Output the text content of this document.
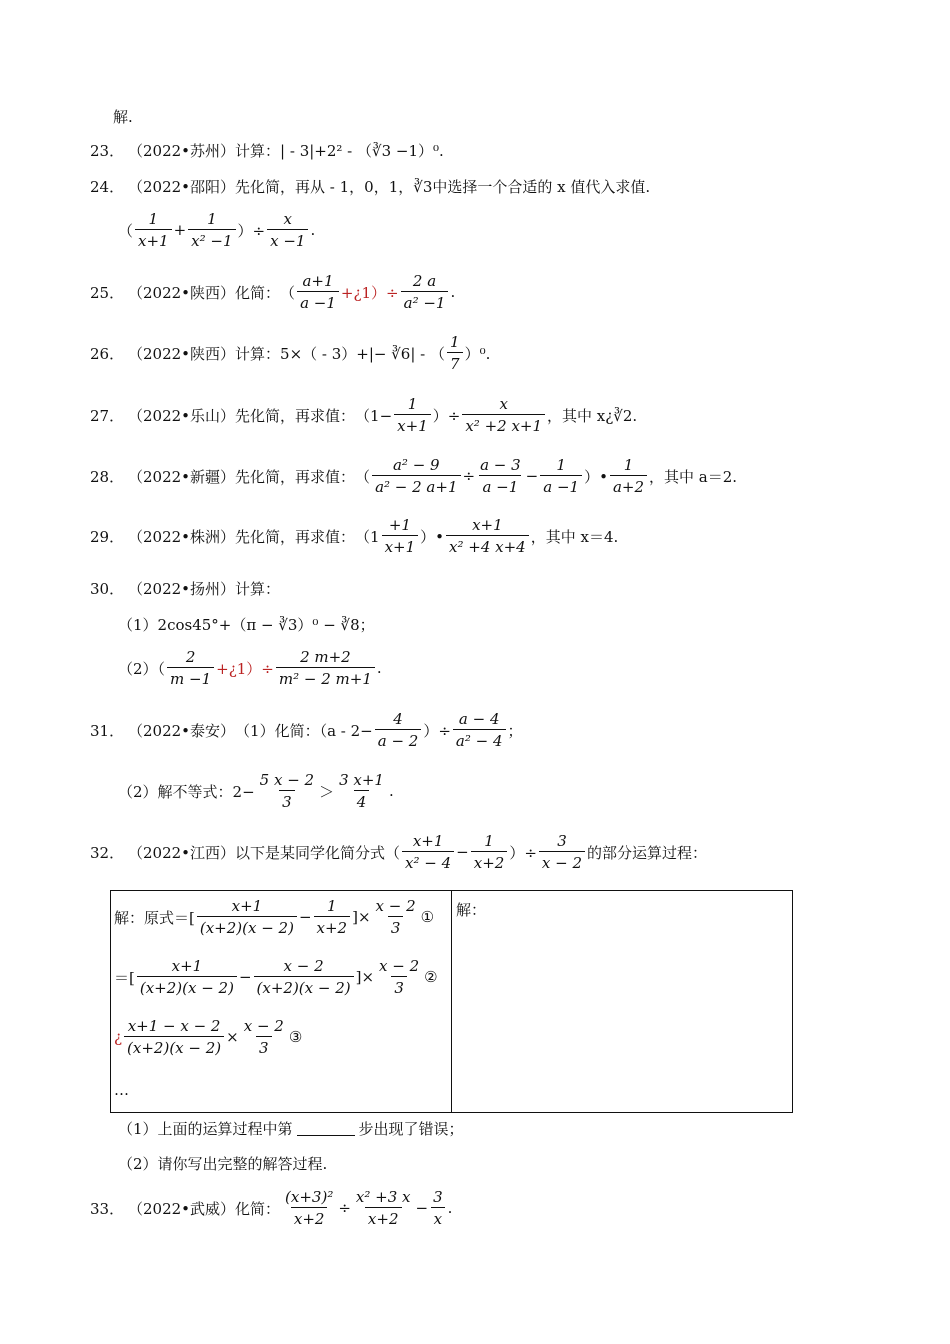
解.
23． （2022•苏州） 计算：| - 3|+2² - （∛3 −1）⁰.
24． （2022•邵阳） 先化简，再从 - 1，0，1，∛3中选择一个合适的 x 值代入求值.
（ $\frac{1}{x+1} + \frac{1}{\text{x² −1}}$ ）÷ $\frac{x}{x -1}$ .
25． （2022•陕西） 化简： （ $\frac{a+1}{a -1}$ +¿1）÷ $\frac{2 a}{\text{a² −1}}$ .
26． （2022•陕西） 计算：5×（ - 3）+|− ∛6| - （ $\frac{1}{7} )^0$.
27． （2022•乐山） 先化简，再求值： （$1- \frac{1}{x+1}$ ）÷ $\frac{x}{\text{x² +2 x+1}}$ ，其中 x¿∛2.
28． （2022•新疆） 先化简，再求值： （ $\frac{\text{a² − 9}}{\text{a² − 2 a+1}} \div \frac{a - 3}{a -1} - \frac{1}{a -1}$ ）• $\frac{1}{a+2}$ ，其中 a＝2.
29． （2022•株洲） 先化简，再求值： （$1 \frac{+1}{x+1}$ ）• $\frac{x+1}{\text{x² +4 x+4}}$ ，其中 x＝4.
30． （2022•扬州） 计算：
（1）2cos45°+（π − ∛3）⁰ − ∛8；
$(2)( \frac{2}{m -1}$ +¿1）÷ $\frac{2 m+2}{\text{m² − 2 m+1}}$ .
31． （2022•泰安） （1）化简：（$a - 2- \frac{4}{a - 2}$ ）÷ $\frac{a - 4}{\text{a² − 4}}$ ；
（2）解不等式：$2- \frac{5 x - 2}{3} > \frac{3 x+1}{4}$ .
32． （2022•江西） 以下是某同学化简分式（ $\frac{x+1}{\text{x² − 4}} - \frac{1}{x+2}$ ）÷ $\frac{3}{x - 2}$ 的部分运算过程：
解：原式＝[ $\frac{x+1}{(x+2)(x - 2)} - \frac{1}{x+2}$ ]× $\frac{x - 2}{3}$ ①
＝[ $\frac{x+1}{(x+2)(x - 2)} - \frac{x - 2}{(x+2)(x - 2)}$ ]× $\frac{x - 2}{3}$ ②
¿ $\frac{x+1 - x - 2}{(x+2)(x - 2)} \times \frac{x - 2}{3}$ ③
…
解：
（1）上面的运算过程中第	步出现了错误；
（2）请你写出完整的解答过程.
33． （2022•武威） 化简： $\frac{\text{(x+3)²}}{x+2} \div \frac{\text{x² +3 x}}{x+2} - \frac{3}{x}$ .
